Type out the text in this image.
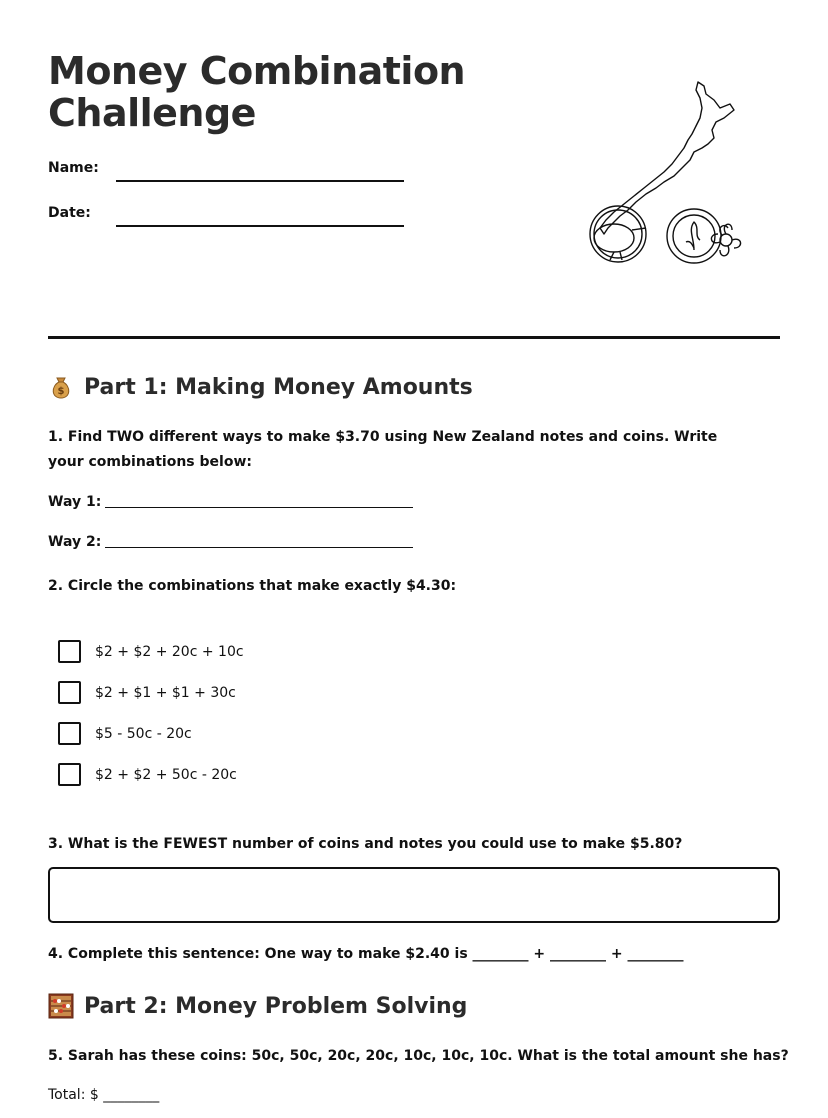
Money Combination
Challenge
Name:
Date:
$ Part 1: Making Money Amounts

1. Find TWO different ways to make $3.70 using New Zealand notes and coins. Write your combinations below:

Way 1:
Way 2:

2. Circle the combinations that make exactly $4.30:

$2 + $2 + 20c + 10c
$2 + $1 + $1 + 30c
$5 - 50c - 20c
$2 + $2 + 50c - 20c

3. What is the FEWEST number of coins and notes you could use to make $5.80?

4. Complete this sentence: One way to make $2.40 is ________ + ________ + ________

Part 2: Money Problem Solving

5. Sarah has these coins: 50c, 50c, 20c, 20c, 10c, 10c, 10c. What is the total amount she has?

Total: $ ________
